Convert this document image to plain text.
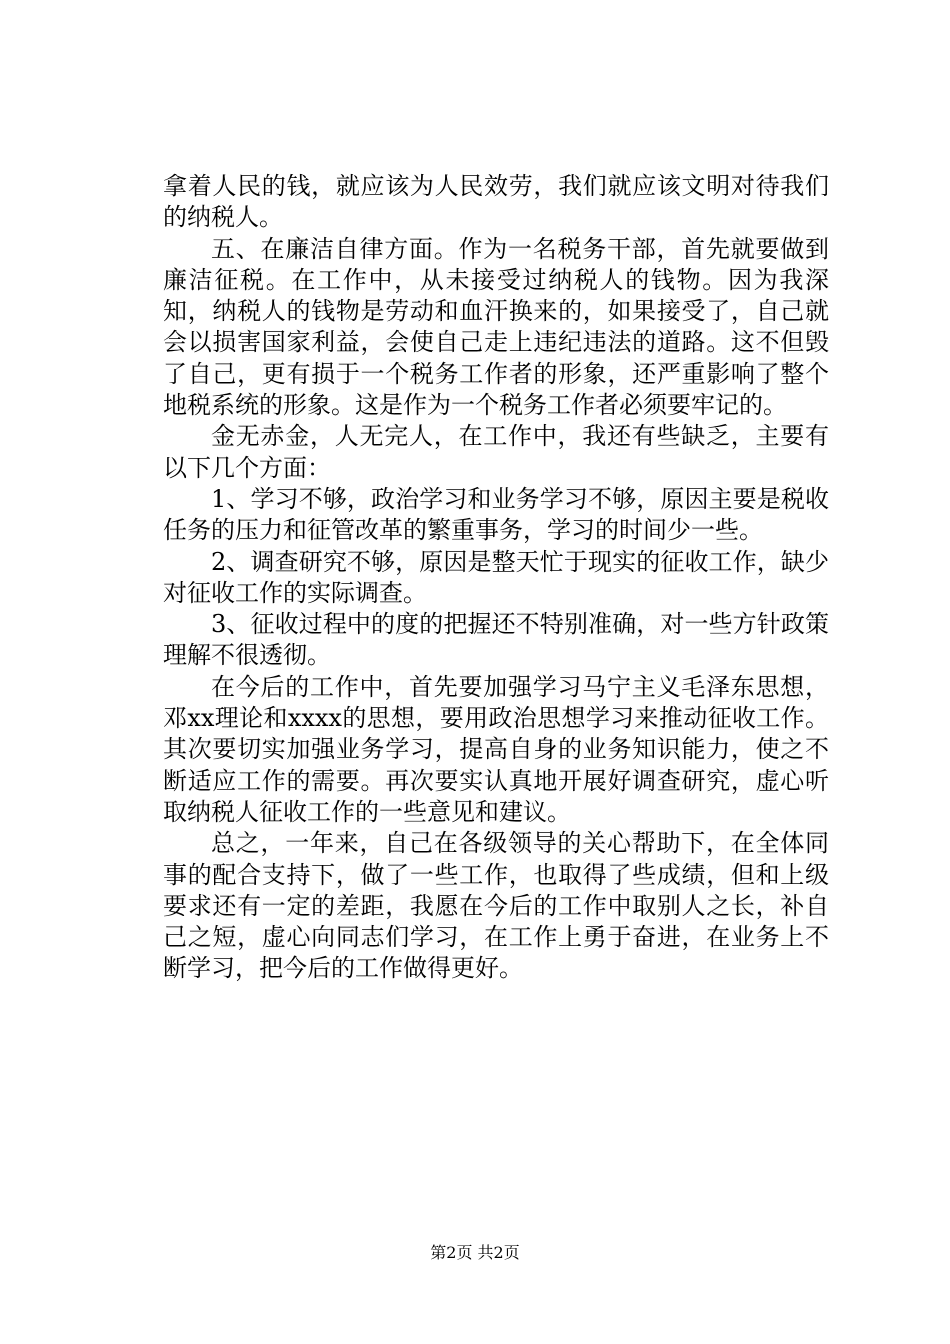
拿着人民的钱，就应该为人民效劳，我们就应该文明对待我们的纳税人。

五、在廉洁自律方面。作为一名税务干部，首先就要做到廉洁征税。在工作中，从未接受过纳税人的钱物。因为我深知，纳税人的钱物是劳动和血汗换来的，如果接受了，自己就会以损害国家利益，会使自己走上违纪违法的道路。这不但毁了自己，更有损于一个税务工作者的形象，还严重影响了整个地税系统的形象。这是作为一个税务工作者必须要牢记的。

金无赤金，人无完人，在工作中，我还有些缺乏，主要有以下几个方面：

1、学习不够，政治学习和业务学习不够，原因主要是税收任务的压力和征管改革的繁重事务，学习的时间少一些。

2、调查研究不够，原因是整天忙于现实的征收工作，缺少对征收工作的实际调查。

3、征收过程中的度的把握还不特别准确，对一些方针政策理解不很透彻。

在今后的工作中，首先要加强学习马宁主义毛泽东思想，邓xx理论和xxxx的思想，要用政治思想学习来推动征收工作。其次要切实加强业务学习，提高自身的业务知识能力，使之不断适应工作的需要。再次要实认真地开展好调查研究，虚心听取纳税人征收工作的一些意见和建议。

总之，一年来，自己在各级领导的关心帮助下，在全体同事的配合支持下，做了一些工作，也取得了些成绩，但和上级要求还有一定的差距，我愿在今后的工作中取别人之长，补自己之短，虚心向同志们学习，在工作上勇于奋进，在业务上不断学习，把今后的工作做得更好。

第2页 共2页
